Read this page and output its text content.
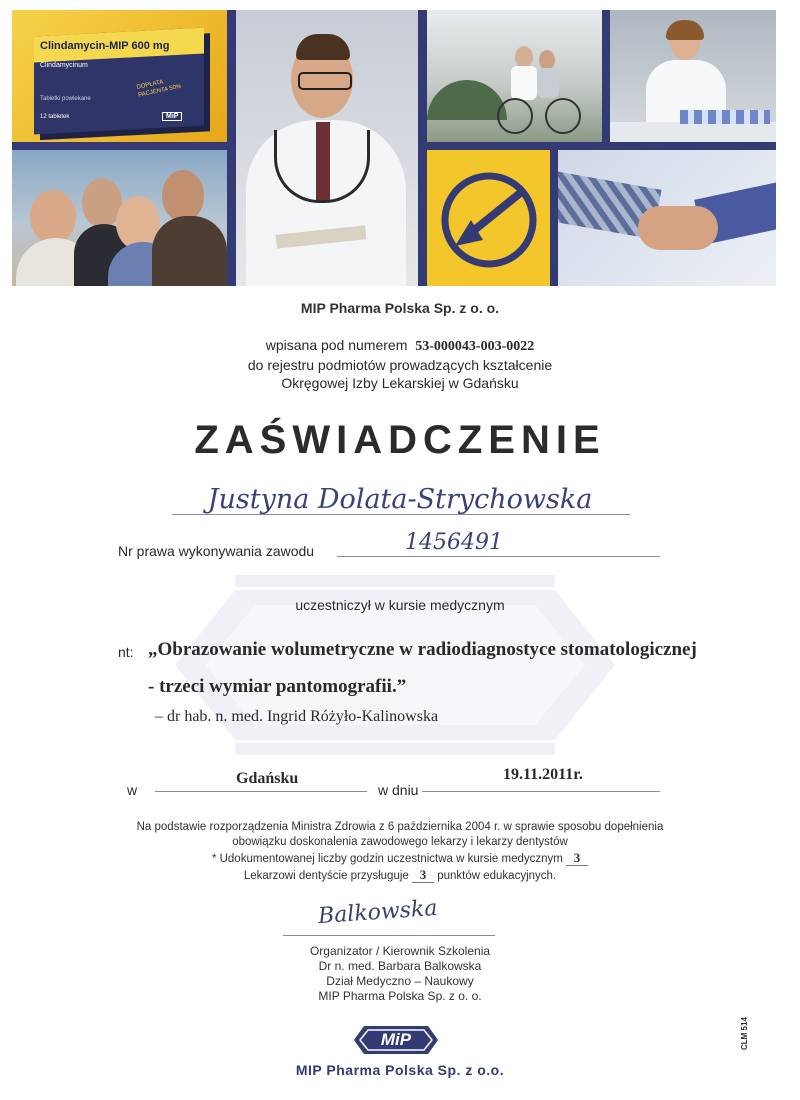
Clindamycin-MIP 600 mg
Clindamycinum
Tabletki powlekane
DOPŁATA PACJENTA 50%
12 tabletek	MiP
MIP Pharma Polska Sp. z o. o.
wpisana pod numerem 53-000043-003-0022
do rejestru podmiotów prowadzących kształcenie
Okręgowej Izby Lekarskiej w Gdańsku
ZAŚWIADCZENIE
Justyna Dolata-Strychowska
Nr prawa wykonywania zawodu	1456491
uczestniczył w kursie medycznym
nt: „Obrazowanie wolumetryczne w radiodiagnostyce stomatologicznej
- trzeci wymiar pantomografii.”
– dr hab. n. med. Ingrid Różyło-Kalinowska
w
Gdańsku
w dniu
19.11.2011r.
Na podstawie rozporządzenia Ministra Zdrowia z 6 października 2004 r. w sprawie sposobu dopełnienia
obowiązku doskonalenia zawodowego lekarzy i lekarzy dentystów
* Udokumentowanej liczby godzin uczestnictwa w kursie medycznym 3
Lekarzowi dentyście przysługuje 3 punktów edukacyjnych.
Balkowska
Organizator / Kierownik Szkolenia
Dr n. med. Barbara Balkowska
Dział Medyczno – Naukowy
MIP Pharma Polska Sp. z o. o.
MiP
MIP Pharma Polska Sp. z o.o.
CLM 514
